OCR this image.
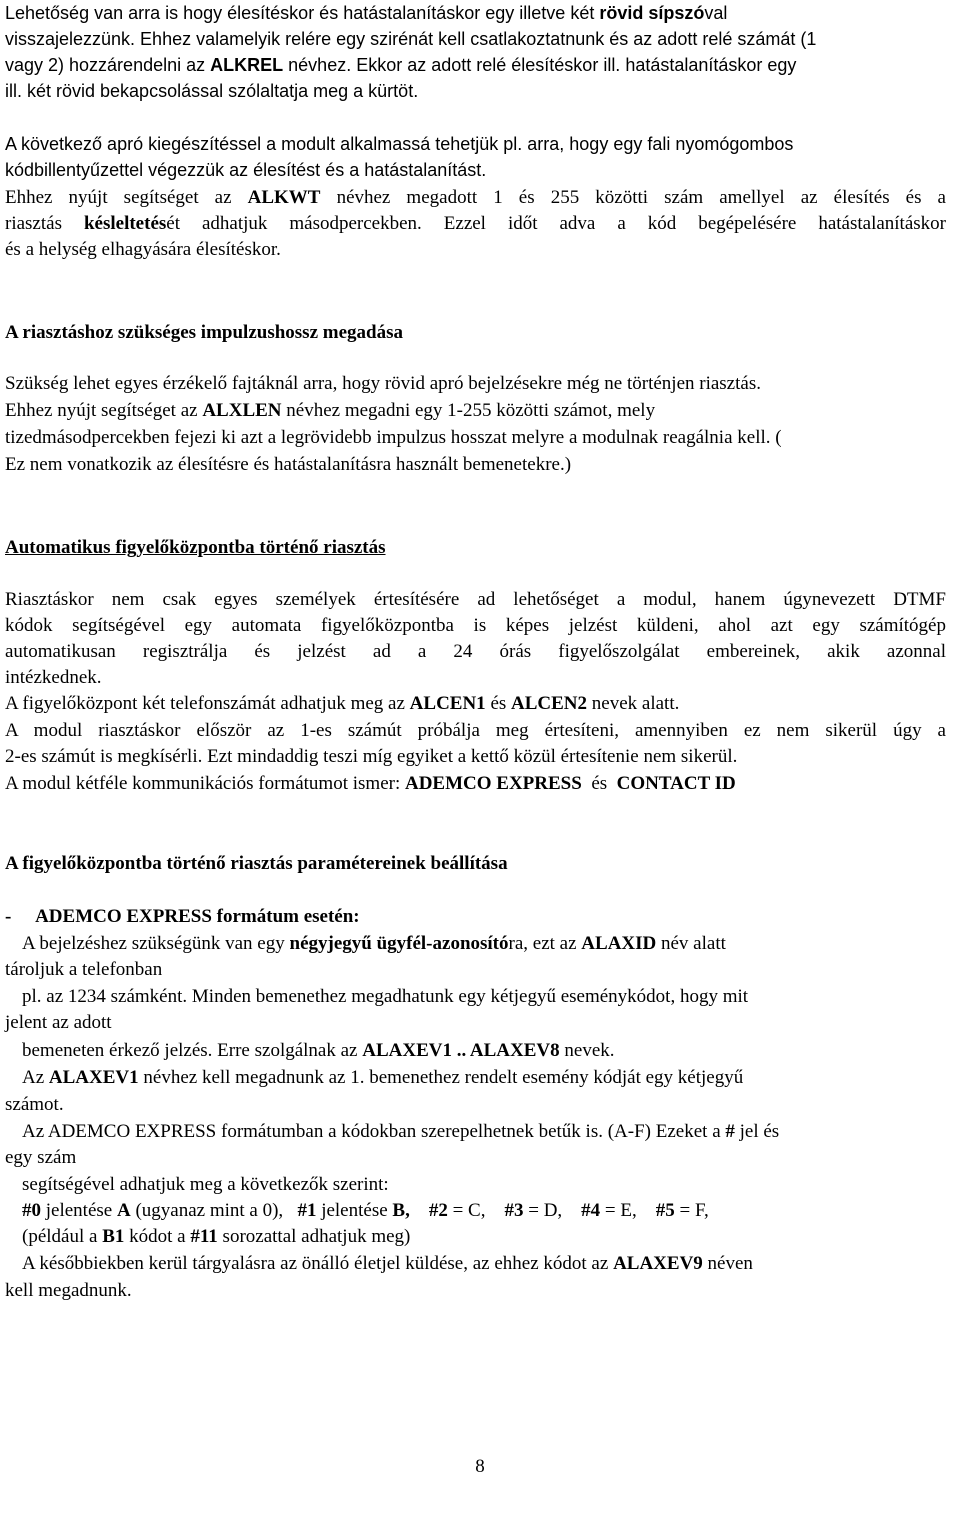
Lehetőség van arra is hogy élesítéskor és hatástalanításkor egy illetve két rövid sípszóval
visszajelezzünk. Ehhez valamelyik relére egy szirénát kell csatlakoztatnunk és az adott relé számát (1
vagy 2) hozzárendelni az ALKREL névhez. Ekkor az adott relé élesítéskor ill. hatástalanításkor egy
ill. két rövid bekapcsolással szólaltatja meg a kürtöt.
A következő apró kiegészítéssel a modult alkalmassá tehetjük pl. arra, hogy egy fali nyomógombos
kódbillentyűzettel végezzük az élesítést és a hatástalanítást.
Ehhez nyújt segítséget az ALKWT névhez megadott 1 és 255 közötti szám amellyel az élesítés és a
riasztás késleltetését adhatjuk másodpercekben. Ezzel időt adva a kód begépelésére hatástalanításkor
és a helység elhagyására élesítéskor.
A riasztáshoz szükséges impulzushossz megadása
Szükség lehet egyes érzékelő fajtáknál arra, hogy rövid apró bejelzésekre még ne történjen riasztás.
Ehhez nyújt segítséget az ALXLEN névhez megadni egy 1-255 közötti számot, mely
tizedmásodpercekben fejezi ki azt a legrövidebb impulzus hosszat melyre a modulnak reagálnia kell. (
Ez nem vonatkozik az élesítésre és hatástalanításra használt bemenetekre.)
Automatikus figyelőközpontba történő riasztás
Riasztáskor nem csak egyes személyek értesítésére ad lehetőséget a modul, hanem úgynevezett DTMF
kódok segítségével egy automata figyelőközpontba is képes jelzést küldeni, ahol azt egy számítógép
automatikusan regisztrálja és jelzést ad a 24 órás figyelőszolgálat embereinek, akik azonnal
intézkednek.
A figyelőközpont két telefonszámát adhatjuk meg az ALCEN1 és ALCEN2 nevek alatt.
A modul riasztáskor először az 1-es számút próbálja meg értesíteni, amennyiben ez nem sikerül úgy a
2-es számút is megkísérli. Ezt mindaddig teszi míg egyiket a kettő közül értesítenie nem sikerül.
A modul kétféle kommunikációs formátumot ismer: ADEMCO EXPRESS és CONTACT ID
A figyelőközpontba történő riasztás paramétereinek beállítása
- ADEMCO EXPRESS formátum esetén:
A bejelzéshez szükségünk van egy négyjegyű ügyfél-azonosítóra, ezt az ALAXID név alatt
tároljuk a telefonban
pl. az 1234 számként. Minden bemenethez megadhatunk egy kétjegyű eseménykódot, hogy mit
jelent az adott
bemeneten érkező jelzés. Erre szolgálnak az ALAXEV1 .. ALAXEV8 nevek.
Az ALAXEV1 névhez kell megadnunk az 1. bemenethez rendelt esemény kódját egy kétjegyű
számot.
Az ADEMCO EXPRESS formátumban a kódokban szerepelhetnek betűk is. (A-F) Ezeket a # jel és
egy szám
segítségével adhatjuk meg a következők szerint:
#0 jelentése A (ugyanaz mint a 0), #1 jelentése B, #2 = C, #3 = D, #4 = E, #5 = F,
(például a B1 kódot a #11 sorozattal adhatjuk meg)
A későbbiekben kerül tárgyalásra az önálló életjel küldése, az ehhez kódot az ALAXEV9 néven
kell megadnunk.
8
